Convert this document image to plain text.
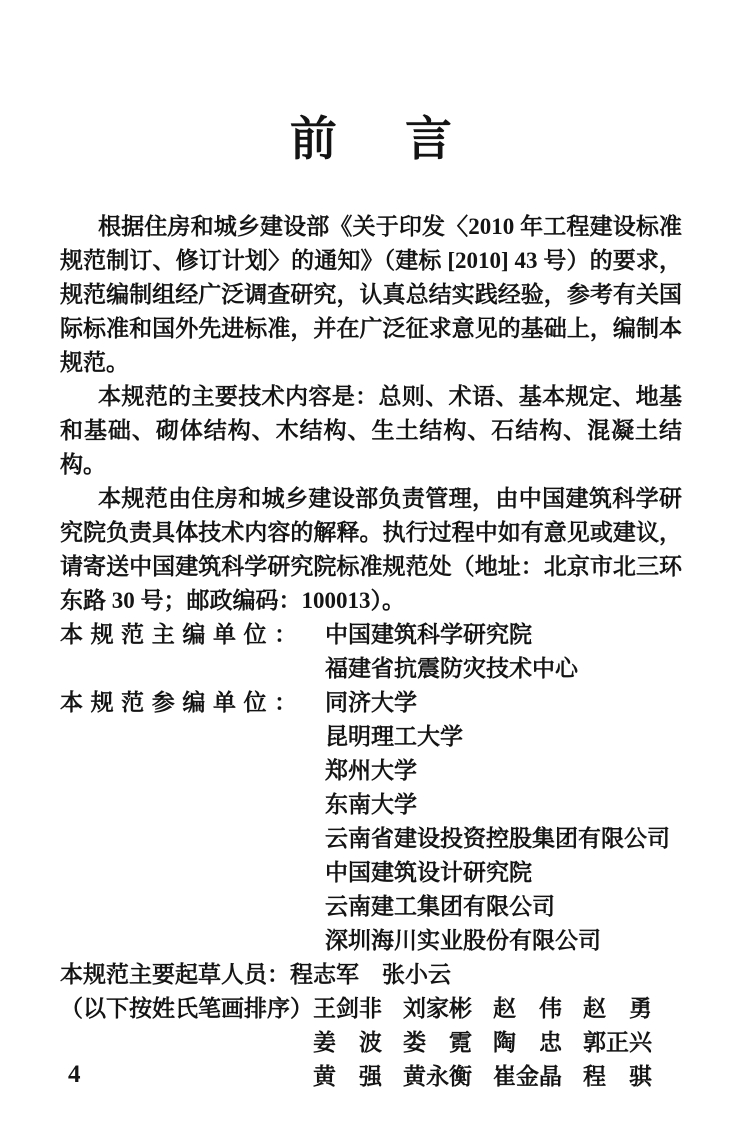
前言

根据住房和城乡建设部《关于印发〈2010 年工程建设标准规范制订、修订计划〉的通知》（建标 [2010] 43 号）的要求，规范编制组经广泛调查研究，认真总结实践经验，参考有关国际标准和国外先进标准，并在广泛征求意见的基础上，编制本规范。

本规范的主要技术内容是：总则、术语、基本规定、地基和基础、砌体结构、木结构、生土结构、石结构、混凝土结构。

本规范由住房和城乡建设部负责管理，由中国建筑科学研究院负责具体技术内容的解释。执行过程中如有意见或建议，请寄送中国建筑科学研究院标准规范处（地址：北京市北三环东路 30 号；邮政编码：100013）。

本规范主编单位： 中国建筑科学研究院
福建省抗震防灾技术中心
本规范参编单位： 同济大学
昆明理工大学
郑州大学
东南大学
云南省建设投资控股集团有限公司
中国建筑设计研究院
云南建工集团有限公司
深圳海川实业股份有限公司
本规范主要起草人员： 程志军　张小云
（以下按姓氏笔画排序） 王剑非 刘家彬 赵　伟 赵　勇
姜　波 娄　霓 陶　忠 郭正兴
黄　强 黄永衡 崔金晶 程　骐
4
